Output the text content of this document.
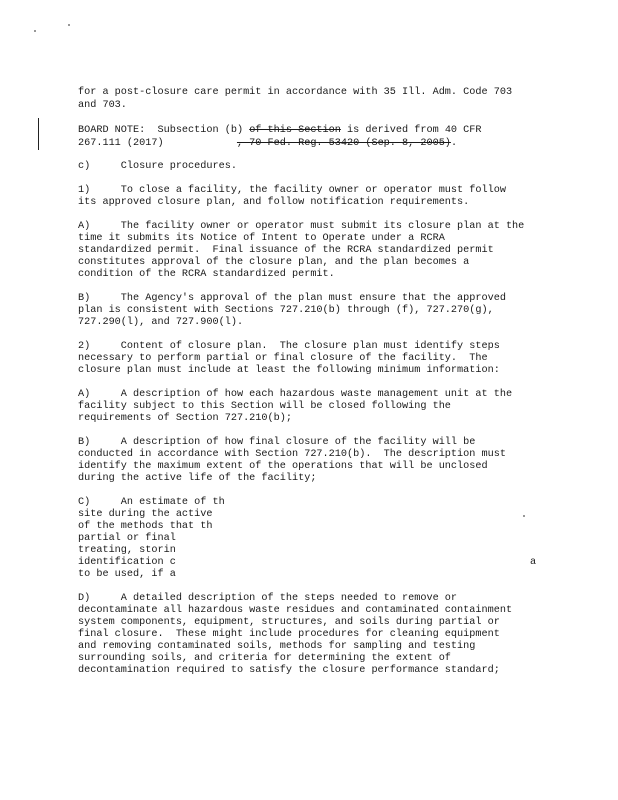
for a post-closure care permit in accordance with 35 Ill. Adm. Code 703
and 703.
BOARD NOTE:  Subsection (b) of this Section is derived from 40 CFR
267.111 (2017)            , 70 Fed. Reg. 53420 (Sep. 8, 2005).
c)     Closure procedures.
1)     To close a facility, the facility owner or operator must follow
its approved closure plan, and follow notification requirements.
A)     The facility owner or operator must submit its closure plan at the
time it submits its Notice of Intent to Operate under a RCRA
standardized permit.  Final issuance of the RCRA standardized permit
constitutes approval of the closure plan, and the plan becomes a
condition of the RCRA standardized permit.
B)     The Agency's approval of the plan must ensure that the approved
plan is consistent with Sections 727.210(b) through (f), 727.270(g),
727.290(l), and 727.900(l).
2)     Content of closure plan.  The closure plan must identify steps
necessary to perform partial or final closure of the facility.  The
closure plan must include at least the following minimum information:
A)     A description of how each hazardous waste management unit at the
facility subject to this Section will be closed following the
requirements of Section 727.210(b);
B)     A description of how final closure of the facility will be
conducted in accordance with Section 727.210(b).  The description must
identify the maximum extent of the operations that will be unclosed
during the active life of the facility;
C)     An estimate of th
site during the active
of the methods that th
partial or final
treating, storin
identification c
to be used, if a
a
D)     A detailed description of the steps needed to remove or
decontaminate all hazardous waste residues and contaminated containment
system components, equipment, structures, and soils during partial or
final closure.  These might include procedures for cleaning equipment
and removing contaminated soils, methods for sampling and testing
surrounding soils, and criteria for determining the extent of
decontamination required to satisfy the closure performance standard;
